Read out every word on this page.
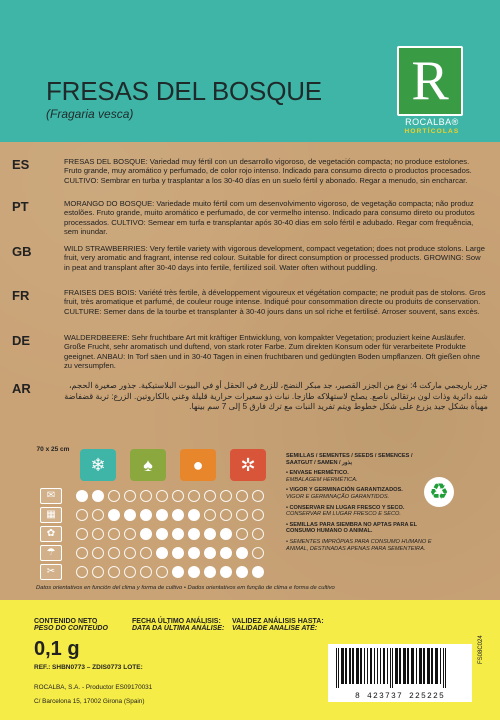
R
ROCALBA®
HORTÍCOLAS
FRESAS DEL BOSQUE
(Fragaria vesca)
ES	FRESAS DEL BOSQUE: Variedad muy fértil con un desarrollo vigoroso, de vegetación compacta; no produce estolones. Fruto grande, muy aromático y perfumado, de color rojo intenso. Indicado para consumo directo o productos procesados. CULTIVO: Sembrar en turba y trasplantar a los 30-40 días en un suelo fértil y abonado. Regar a menudo, sin encharcar.
PT	MORANGO DO BOSQUE: Variedade muito fértil com um desenvolvimento vigoroso, de vegetação compacta; não produz estolões. Fruto grande, muito aromático e perfumado, de cor vermelho intenso. Indicado para consumo direto ou produtos processados. CULTIVO: Semear em turfa e transplantar após 30-40 dias em solo fértil e adubado. Regar com frequência, sem inundar.
GB	WILD STRAWBERRIES: Very fertile variety with vigorous development, compact vegetation; does not produce stolons. Large fruit, very aromatic and fragrant, intense red colour. Suitable for direct consumption or processed products. GROWING: Sow in peat and transplant after 30-40 days into fertile, fertilized soil. Water often without puddling.
FR	FRAISES DES BOIS: Variété très fertile, à développement vigoureux et végétation compacte; ne produit pas de stolons. Gros fruit, très aromatique et parfumé, de couleur rouge intense. Indiqué pour consommation directe ou produits de conservation. CULTURE: Semer dans de la tourbe et transplanter à 30-40 jours dans un sol riche et fertilisé. Arroser souvent, sans excès.
DE	WALDERDBEERE: Sehr fruchtbare Art mit kräftiger Entwicklung, von kompakter Vegetation; produziert keine Ausläufer. Große Frucht, sehr aromatisch und duftend, von stark roter Farbe. Zum direkten Konsum oder für verarbeitete Produkte geeignet. ANBAU: In Torf säen und in 30-40 Tagen in einen fruchtbaren und gedüngten Boden umpflanzen. Oft gießen ohne zu versumpfen.
AR	جزر باريجمي ماركت 4: نوع من الجزر القصير، جد مبكر النضج، للزرع في الحقل أو في البيوت البلاستيكية. جذور صغيرة الحجم، شبه دائرية وذات لون برتقالي ناصع. يصلح لاستهلاكه طازجا. نبات ذو سعيرات حرارية قليلة وغني بالكاروتين. الزرع: تربة قضفاضة مهيأة بشكل جيد يزرع على شكل خطوط ويتم تفريد النبات مع ترك فارق 5 إلى 7 سم بينها.
70 x 25 cm
❄	♠	●	✲
✉
▦
✿
☂
✂
SEMILLAS / SEMENTES / SEEDS / SEMENCES / SAATGUT / SAMEN / بذور
• ENVASE HERMÉTICO.
EMBALAGEM HERMÉTICA.
• VIGOR Y GERMINACIÓN GARANTIZADOS.
VIGOR E GERMINAÇÃO GARANTIDOS.
• CONSERVAR EN LUGAR FRESCO Y SECO.
CONSERVAR EM LUGAR FRESCO E SECO.
• SEMILLAS PARA SIEMBRA NO APTAS PARA EL CONSUMO HUMANO O ANIMAL.
• SEMENTES IMPRÓPIAS PARA CONSUMO HUMANO E ANIMAL, DESTINADAS APENAS PARA SEMENTEIRA.
♻
Datos orientativos en función del clima y forma de cultivo • Dados orientativos em função de clima e forma de cultivo
CONTENIDO NETO
PESO DO CONTEÚDO
0,1 g
FECHA ÚLTIMO ANÁLISIS:
DATA DA ÚLTIMA ANÁLISE:
VALIDEZ ANÁLISIS HASTA:
VALIDADE ANALISE ATÉ:
REF.: SHBN0773 – ZDIS0773 LOTE:
ROCALBA, S.A. - Productor ES09170031
C/ Barcelona 15, 17002 Girona (Spain)
8 423737 225225
FS08C024
